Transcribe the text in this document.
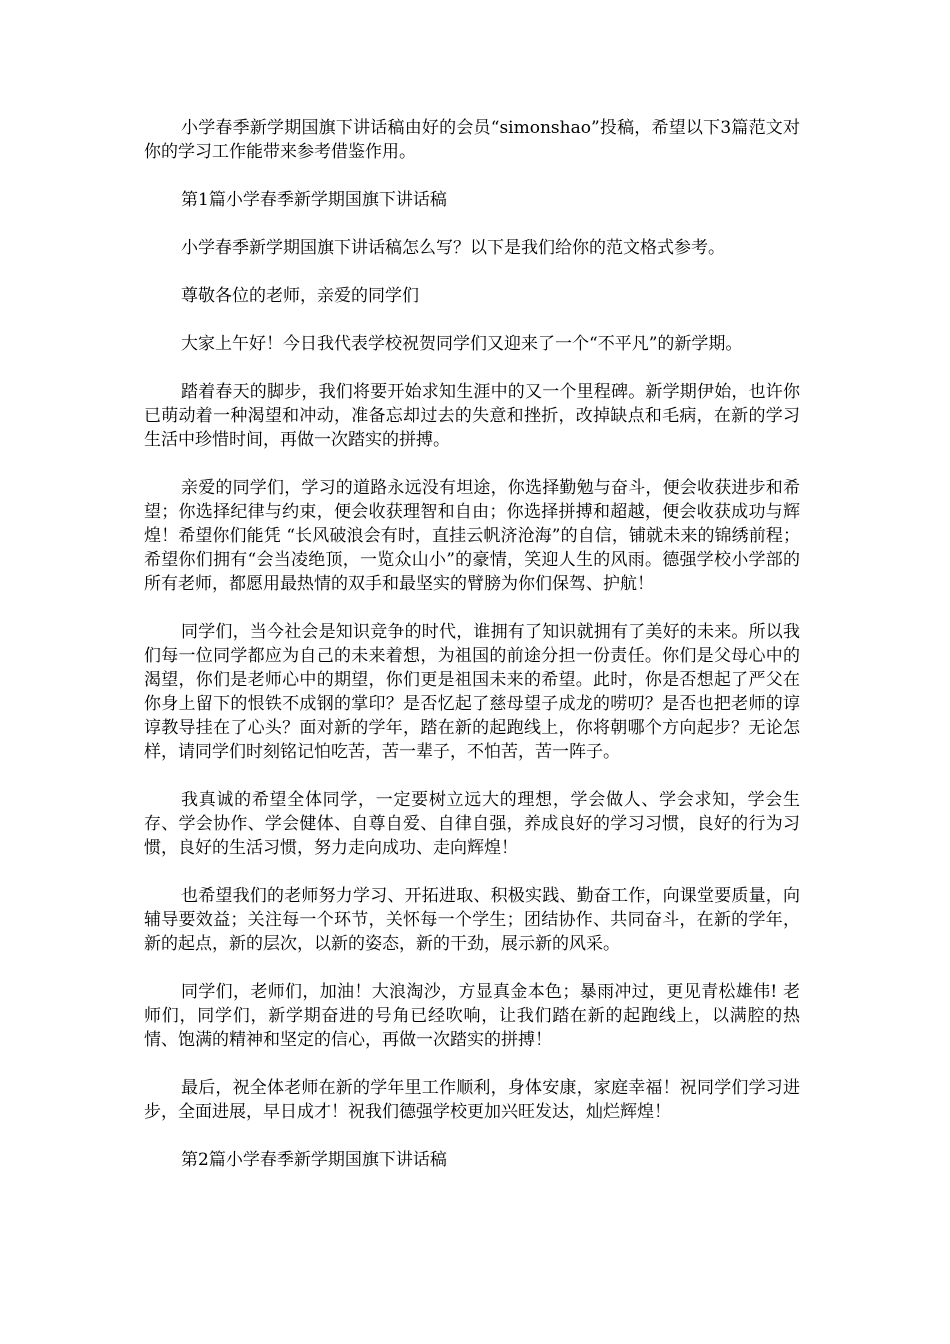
小学春季新学期国旗下讲话稿由好的会员“simonshao”投稿，希望以下3篇范文对你的学习工作能带来参考借鉴作用。

第1篇小学春季新学期国旗下讲话稿

小学春季新学期国旗下讲话稿怎么写？以下是我们给你的范文格式参考。

尊敬各位的老师，亲爱的同学们

大家上午好！今日我代表学校祝贺同学们又迎来了一个“不平凡”的新学期。

踏着春天的脚步，我们将要开始求知生涯中的又一个里程碑。新学期伊始，也许你已萌动着一种渴望和冲动，准备忘却过去的失意和挫折，改掉缺点和毛病，在新的学习生活中珍惜时间，再做一次踏实的拼搏。

亲爱的同学们，学习的道路永远没有坦途，你选择勤勉与奋斗，便会收获进步和希望；你选择纪律与约束，便会收获理智和自由；你选择拼搏和超越，便会收获成功与辉煌！希望你们能凭 “长风破浪会有时，直挂云帆济沧海”的自信，铺就未来的锦绣前程；希望你们拥有“会当凌绝顶，一览众山小”的豪情，笑迎人生的风雨。德强学校小学部的所有老师，都愿用最热情的双手和最坚实的臂膀为你们保驾、护航！

同学们，当今社会是知识竞争的时代，谁拥有了知识就拥有了美好的未来。所以我们每一位同学都应为自己的未来着想，为祖国的前途分担一份责任。你们是父母心中的渴望，你们是老师心中的期望，你们更是祖国未来的希望。此时，你是否想起了严父在你身上留下的恨铁不成钢的掌印？是否忆起了慈母望子成龙的唠叨？是否也把老师的谆谆教导挂在了心头？面对新的学年，踏在新的起跑线上，你将朝哪个方向起步？无论怎样，请同学们时刻铭记怕吃苦，苦一辈子，不怕苦，苦一阵子。

我真诚的希望全体同学，一定要树立远大的理想，学会做人、学会求知，学会生存、学会协作、学会健体、自尊自爱、自律自强，养成良好的学习习惯，良好的行为习惯，良好的生活习惯，努力走向成功、走向辉煌！

也希望我们的老师努力学习、开拓进取、积极实践、勤奋工作，向课堂要质量，向辅导要效益；关注每一个环节，关怀每一个学生；团结协作、共同奋斗，在新的学年，新的起点，新的层次，以新的姿态，新的干劲，展示新的风采。

同学们，老师们，加油！大浪淘沙，方显真金本色；暴雨冲过，更见青松雄伟! 老师们，同学们，新学期奋进的号角已经吹响，让我们踏在新的起跑线上，以满腔的热情、饱满的精神和坚定的信心，再做一次踏实的拼搏！

最后，祝全体老师在新的学年里工作顺利，身体安康，家庭幸福！祝同学们学习进步，全面进展，早日成才！祝我们德强学校更加兴旺发达，灿烂辉煌！

第2篇小学春季新学期国旗下讲话稿
